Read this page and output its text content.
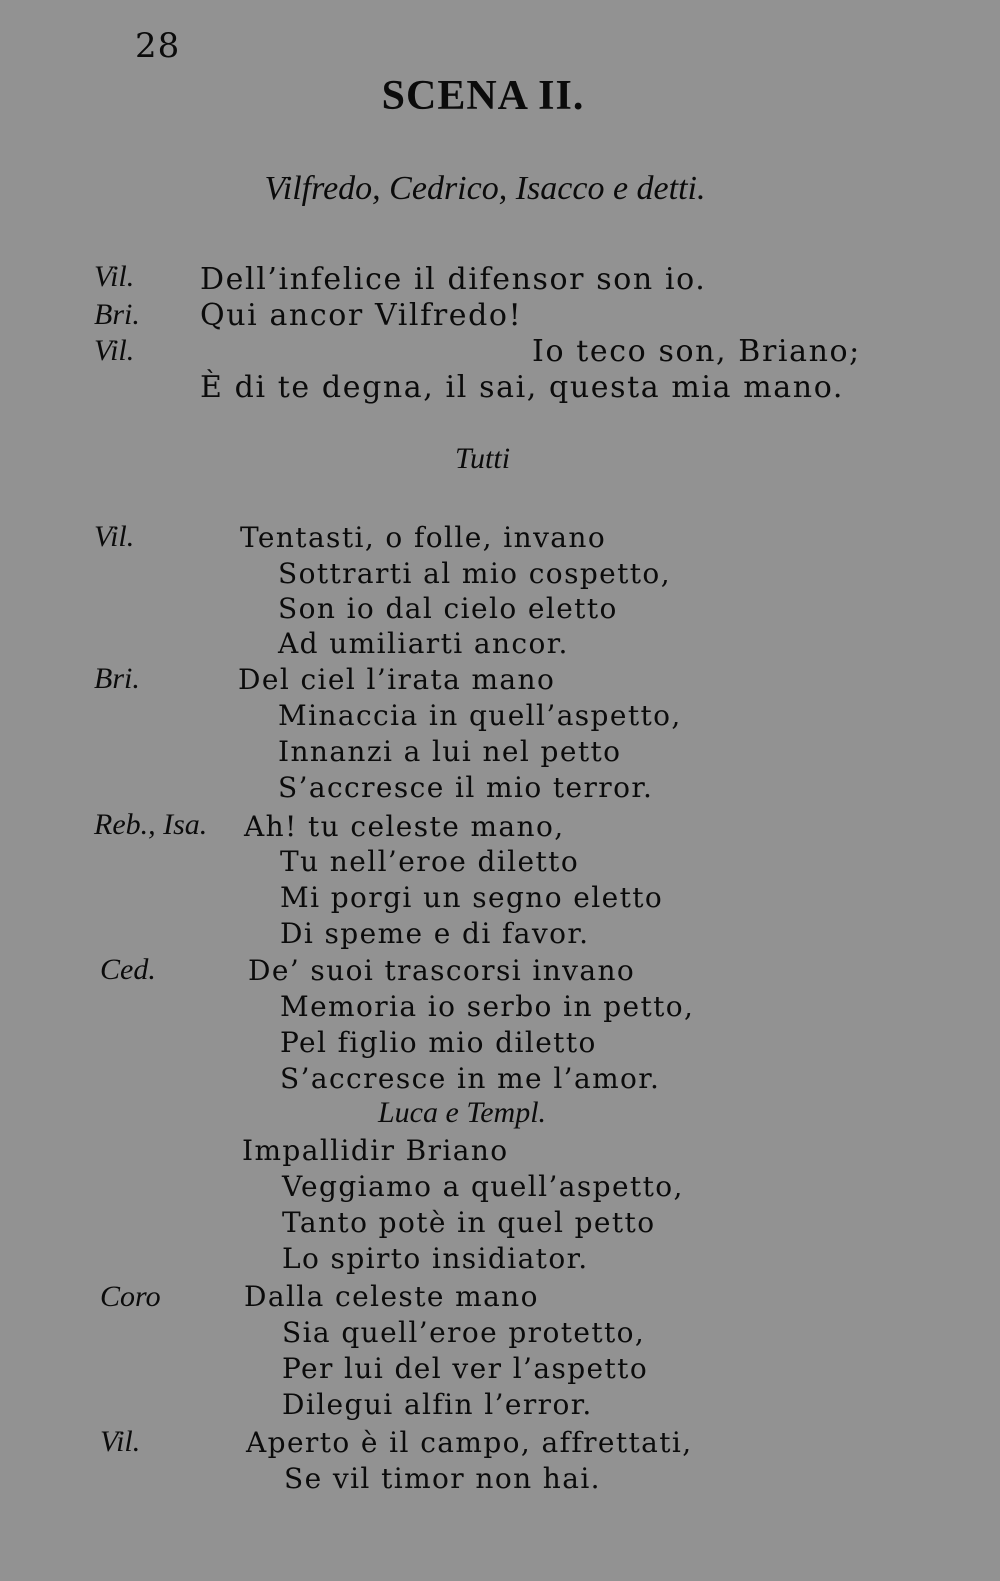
28
SCENA II.
Vilfredo, Cedrico, Isacco e detti.
Vil. Dell’infelice il difensor son io.
Bri. Qui ancor Vilfredo!
Vil.	Io teco son, Briano;
È di te degna, il sai, questa mia mano.
Tutti
Vil.	Tentasti, o folle, invano
Sottrarti al mio cospetto,
Son io dal cielo eletto
Ad umiliarti ancor.
Bri.	Del ciel l’irata mano
Minaccia in quell’aspetto,
Innanzi a lui nel petto
S’accresce il mio terror.
Reb., Isa. Ah! tu celeste mano,
Tu nell’eroe diletto
Mi porgi un segno eletto
Di speme e di favor.
Ced.	De’ suoi trascorsi invano
Memoria io serbo in petto,
Pel figlio mio diletto
S’accresce in me l’amor.
Luca e Templ.
Impallidir Briano
Veggiamo a quell’aspetto,
Tanto potè in quel petto
Lo spirto insidiator.
Coro	Dalla celeste mano
Sia quell’eroe protetto,
Per lui del ver l’aspetto
Dilegui alfin l’error.
Vil.	Aperto è il campo, affrettati,
Se vil timor non hai.
